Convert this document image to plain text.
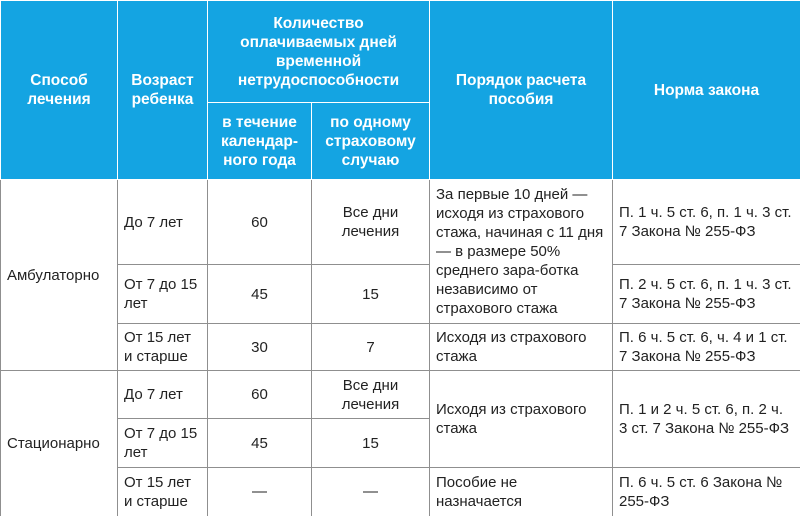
Способ лечения	Возраст ребенка	Количество оплачиваемых дней временной нетрудоспособности		Порядок расчета пособия	Норма закона
		в течение календар-ного года	по одному страховому случаю		
Амбулаторно	До 7 лет	60	Все дни лечения	За первые 10 дней — исходя из страхового стажа, начиная с 11 дня — в размере 50% среднего зара-ботка независимо от страхового стажа	П. 1 ч. 5 ст. 6, п. 1 ч. 3 ст. 7 Закона № 255-ФЗ
	От 7 до 15 лет	45	15		П. 2 ч. 5 ст. 6, п. 1 ч. 3 ст. 7 Закона № 255-ФЗ
	От 15 лет и старше	30	7	Исходя из страхового стажа	П. 6 ч. 5 ст. 6, ч. 4 и 1 ст. 7 Закона № 255-ФЗ
Стационарно	До 7 лет	60	Все дни лечения	Исходя из страхового стажа	П. 1 и 2 ч. 5 ст. 6, п. 2 ч. 3 ст. 7 Закона № 255-ФЗ
	От 7 до 15 лет	45	15		
	От 15 лет и старше	—	—	Пособие не назначается	П. 6 ч. 5 ст. 6 Закона № 255-ФЗ
